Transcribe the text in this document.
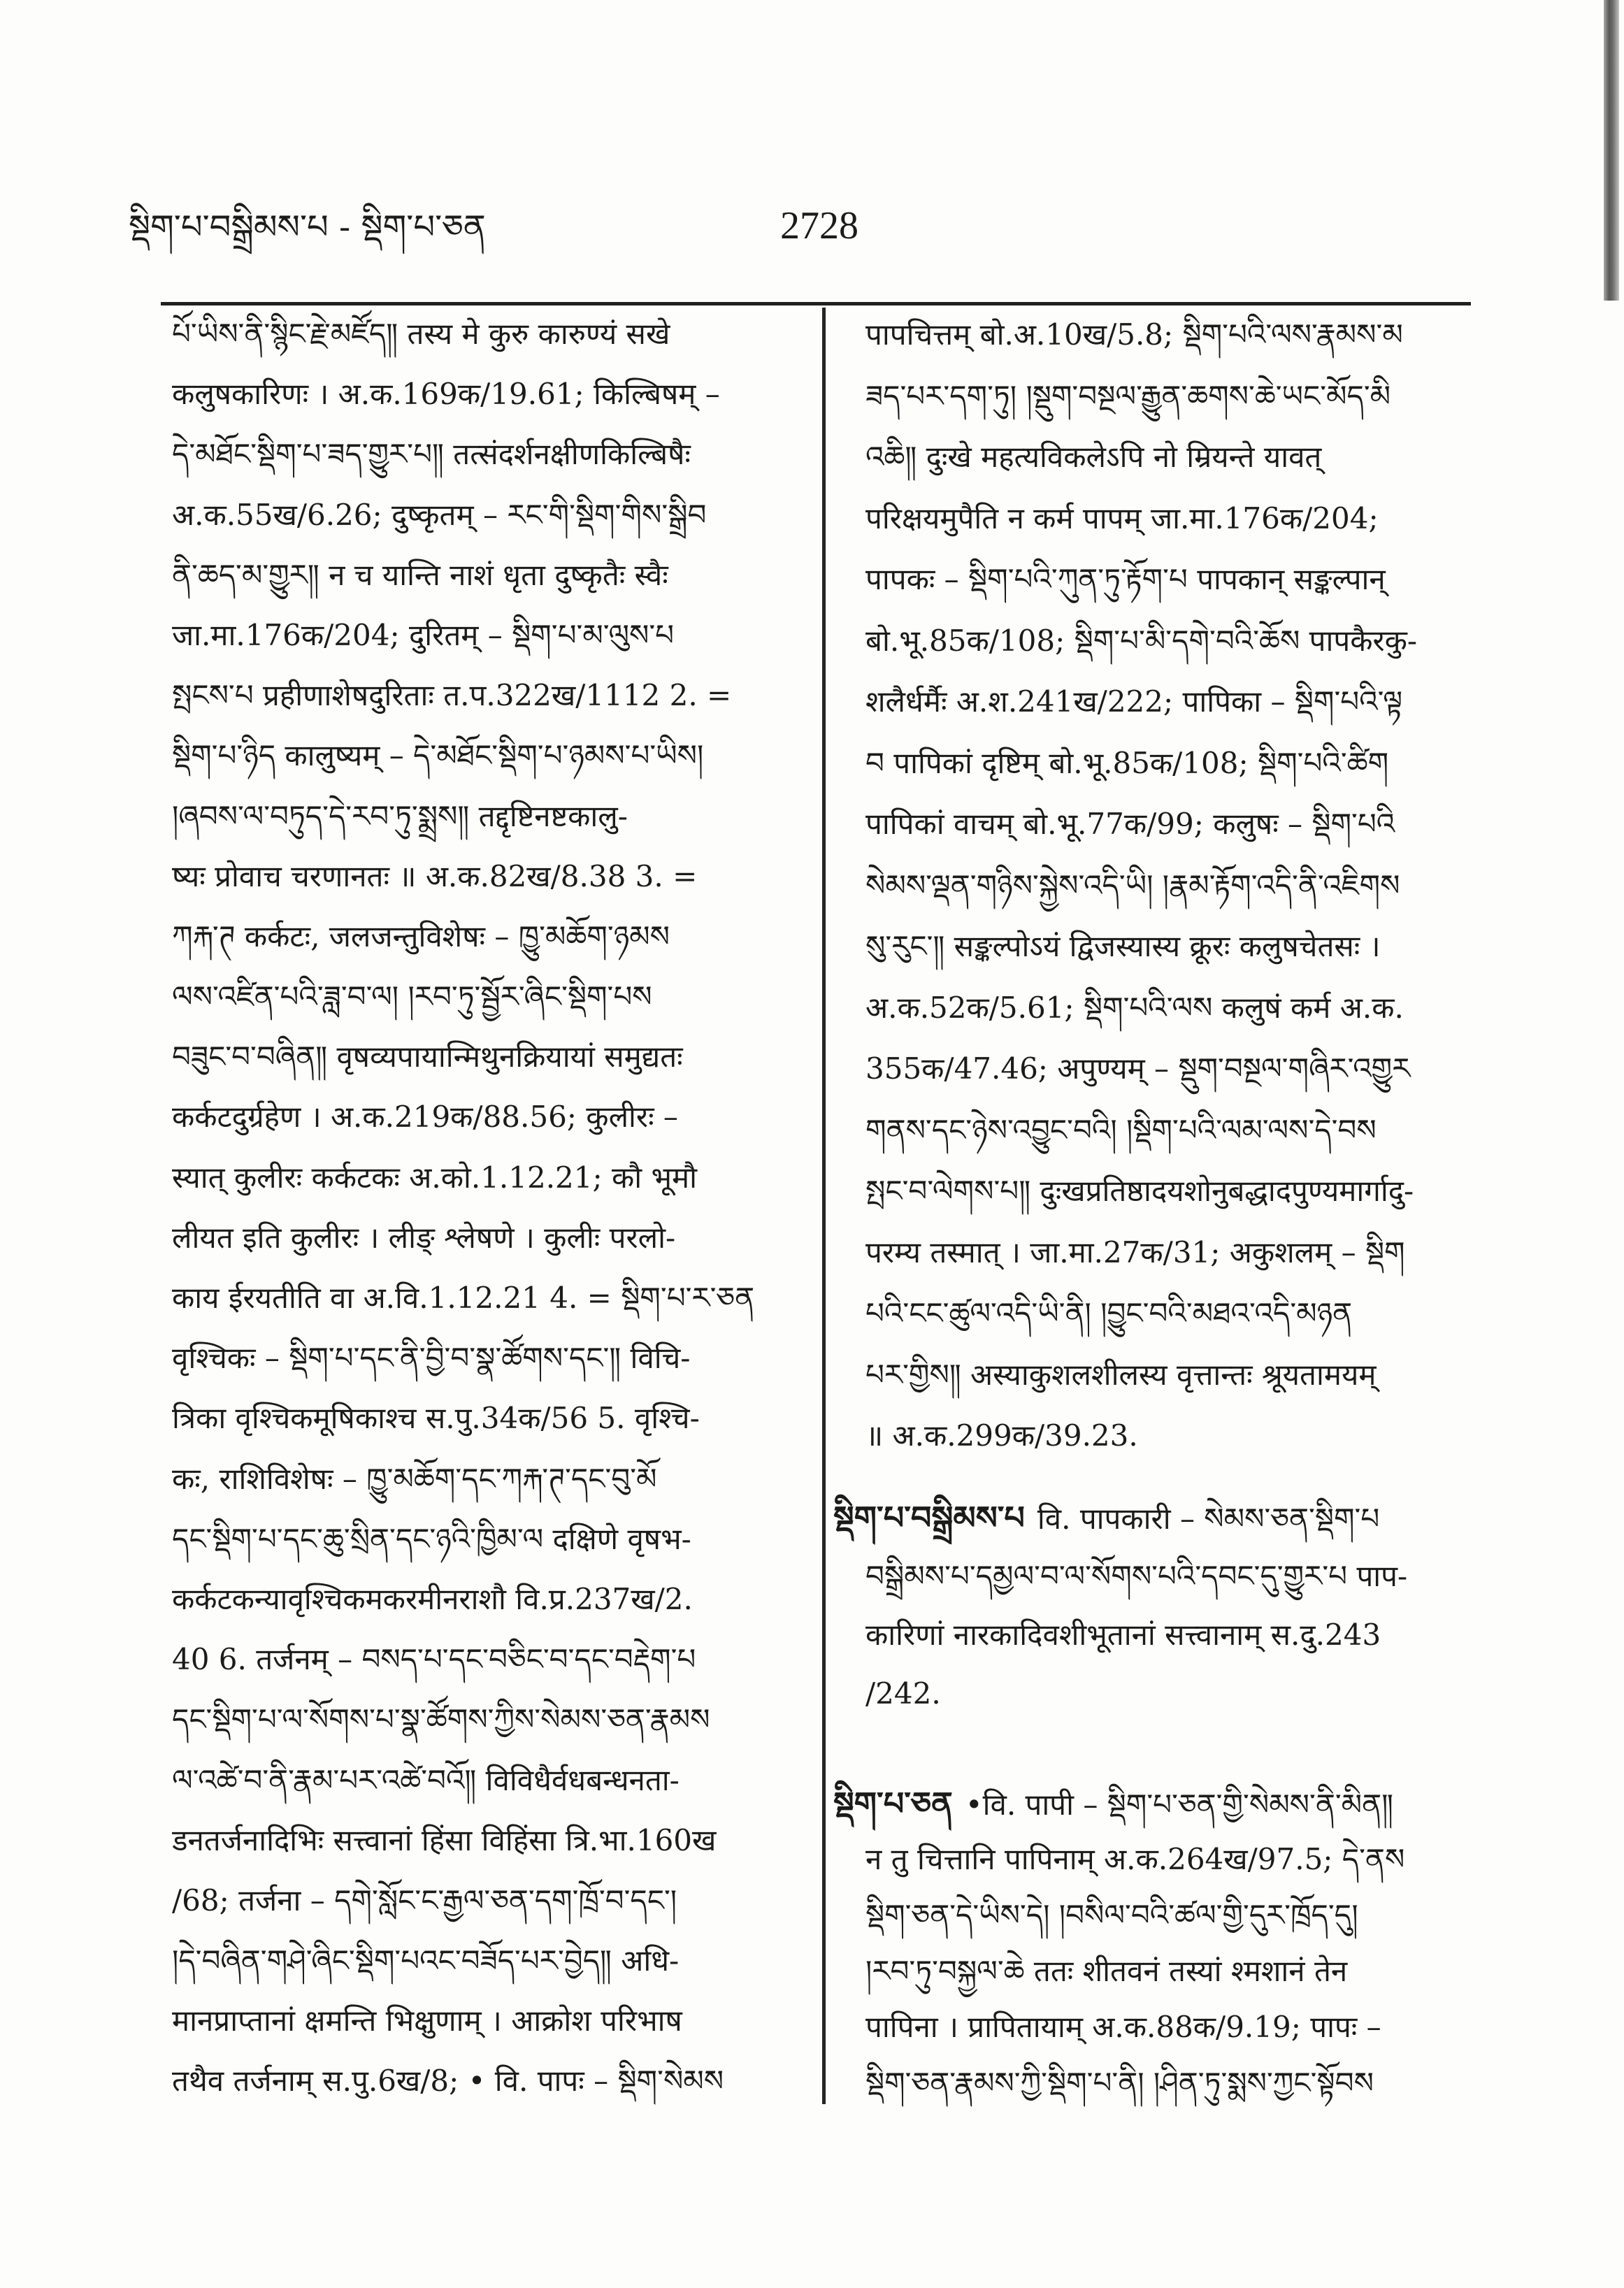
སྡིག་པ་བསྒྲིམས་པ - སྡིག་པ་ཅན	2728
པོ་ཡིས་ནི་སྙིང་རྗེ་མཛོད༎ तस्य मे कुरु कारुण्यं सखे
कलुषकारिणः । अ.क.169क/19.61; किल्बिषम् –
དེ་མཐོང་སྡིག་པ་ཟད་གྱུར་པ༎ तत्संदर्शनक्षीणकिल्बिषैः
अ.क.55ख/6.26; दुष्कृतम् – རང་གི་སྡིག་གིས་སྒྲིབ
ནི་ཆད་མ་གྱུར༎ न च यान्ति नाशं धृता दुष्कृतैः स्वैः
जा.मा.176क/204; दुरितम् – སྡིག་པ་མ་ལུས་པ
སྤངས་པ प्रहीणाशेषदुरिताः त.प.322ख/1112 2. =
སྡིག་པ་ཉིད कालुष्यम् – དེ་མཐོང་སྡིག་པ་ཉམས་པ་ཡིས།
།ཞབས་ལ་བཏུད་དེ་རབ་ཏུ་སྨྲས༎ तद्दृष्टिनष्टकालु-
ष्यः प्रोवाच चरणानतः ॥ अ.क.82ख/8.38 3. =
ཀརྐ་ཊ कर्कटः, जलजन्तुविशेषः – ཁྱུ་མཆོག་ཉམས
ལས་འཛིན་པའི་ཟླ་བ་ལ། །རབ་ཏུ་སྦྱོར་ཞིང་སྡིག་པས
བཟུང་བ་བཞིན༎ वृषव्यपायान्मिथुनक्रियायां समुद्यतः
कर्कटदुर्ग्रहेण । अ.क.219क/88.56; कुलीरः –
स्यात् कुलीरः कर्कटकः अ.को.1.12.21; कौ भूमौ
लीयत इति कुलीरः । लीङ् श्लेषणे । कुलीः परलो-
काय ईरयतीति वा अ.वि.1.12.21 4. = སྡིག་པ་ར་ཅན
वृश्चिकः – སྡིག་པ་དང་ནི་བྱི་བ་སྣ་ཚོགས་དང་༎ विचि-
त्रिका वृश्चिकमूषिकाश्च स.पु.34क/56 5. वृश्चि-
कः, राशिविशेषः – ཁྱུ་མཆོག་དང་ཀརྐ་ཊ་དང་བུ་མོ
དང་སྡིག་པ་དང་ཆུ་སྲིན་དང་ཉའི་ཁྱིམ་ལ दक्षिणे वृषभ-
कर्कटकन्यावृश्चिकमकरमीनराशौ वि.प्र.237ख/2.
40 6. तर्जनम् – བསད་པ་དང་བཅིང་བ་དང་བརྡེག་པ
དང་སྡིག་པ་ལ་སོགས་པ་སྣ་ཚོགས་ཀྱིས་སེམས་ཅན་རྣམས
ལ་འཚེ་བ་ནི་རྣམ་པར་འཚེ་བའོ༎ विविधैर्वधबन्धनता-
डनतर्जनादिभिः सत्त्वानां हिंसा विहिंसा त्रि.भा.160ख
/68; तर्जना – དགེ་སློང་ང་རྒྱལ་ཅན་དག་ཁྲོ་བ་དང་།
།དེ་བཞིན་གཤེ་ཞིང་སྡིག་པའང་བཟོད་པར་བྱེད༎ अधि-
मानप्राप्तानां क्षमन्ति भिक्षुणाम् । आक्रोश परिभाष
तथैव तर्जनाम् स.पु.6ख/8; • वि. पापः – སྡིག་སེམས
पापचित्तम् बो.अ.10ख/5.8; སྡིག་པའི་ལས་རྣམས་མ
ཟད་པར་དག་ཏུ། །སྡུག་བསྔལ་རྒྱུན་ཆགས་ཆེ་ཡང་མོད་མི
འཆི༎ दुःखे महत्यविकलेऽपि नो म्रियन्ते यावत्
परिक्षयमुपैति न कर्म पापम् जा.मा.176क/204;
पापकः – སྡིག་པའི་ཀུན་ཏུ་རྟོག་པ पापकान् सङ्कल्पान्
बो.भू.85क/108; སྡིག་པ་མི་དགེ་བའི་ཆོས पापकैरकु-
शलैर्धर्मैः अ.श.241ख/222; पापिका – སྡིག་པའི་ལྟ
བ पापिकां दृष्टिम् बो.भू.85क/108; སྡིག་པའི་ཚིག
पापिकां वाचम् बो.भू.77क/99; कलुषः – སྡིག་པའི
སེམས་ལྡན་གཉིས་སྐྱེས་འདི་ཡི། །རྣམ་རྟོག་འདི་ནི་འཇིགས
སུ་རུང་༎ सङ्कल्पोऽयं द्विजस्यास्य क्रूरः कलुषचेतसः ।
अ.क.52क/5.61; སྡིག་པའི་ལས कलुषं कर्म अ.क.
355क/47.46; अपुण्यम् – སྡུག་བསྔལ་གཞིར་འགྱུར
གནས་དང་ཉེས་འབྱུང་བའི། །སྡིག་པའི་ལམ་ལས་དེ་བས
སྤང་བ་ལེགས་པ༎ दुःखप्रतिष्ठादयशोनुबद्धादपुण्यमार्गादु-
परम्य तस्मात् । जा.मा.27क/31; अकुशलम् – སྡིག
པའི་ངང་ཚུལ་འདི་ཡི་ནི། །བྱུང་བའི་མཐའ་འདི་མཉན
པར་གྱིས༎ अस्याकुशलशीलस्य वृत्तान्तः श्रूयतामयम्
॥ अ.क.299क/39.23.
སྡིག་པ་བསྒྲིམས་པ वि. पापकारी – སེམས་ཅན་སྡིག་པ
བསྒྲིམས་པ་དམྱལ་བ་ལ་སོགས་པའི་དབང་དུ་གྱུར་པ पाप-
कारिणां नारकादिवशीभूतानां सत्त्वानाम् स.दु.243
/242.
སྡིག་པ་ཅན •वि. पापी – སྡིག་པ་ཅན་གྱི་སེམས་ནི་མིན༎
न तु चित्तानि पापिनाम् अ.क.264ख/97.5; དེ་ནས
སྡིག་ཅན་དེ་ཡིས་དེ། །བསིལ་བའི་ཚལ་གྱི་དུར་ཁྲོད་དུ།
།རབ་ཏུ་བསྐྱལ་ཆེ ततः शीतवनं तस्यां श्मशानं तेन
पापिना । प्रापितायाम् अ.क.88क/9.19; पापः –
སྡིག་ཅན་རྣམས་ཀྱི་སྡིག་པ་ནི། །ཤིན་ཏུ་སྨས་ཀྱང་སྟོབས
